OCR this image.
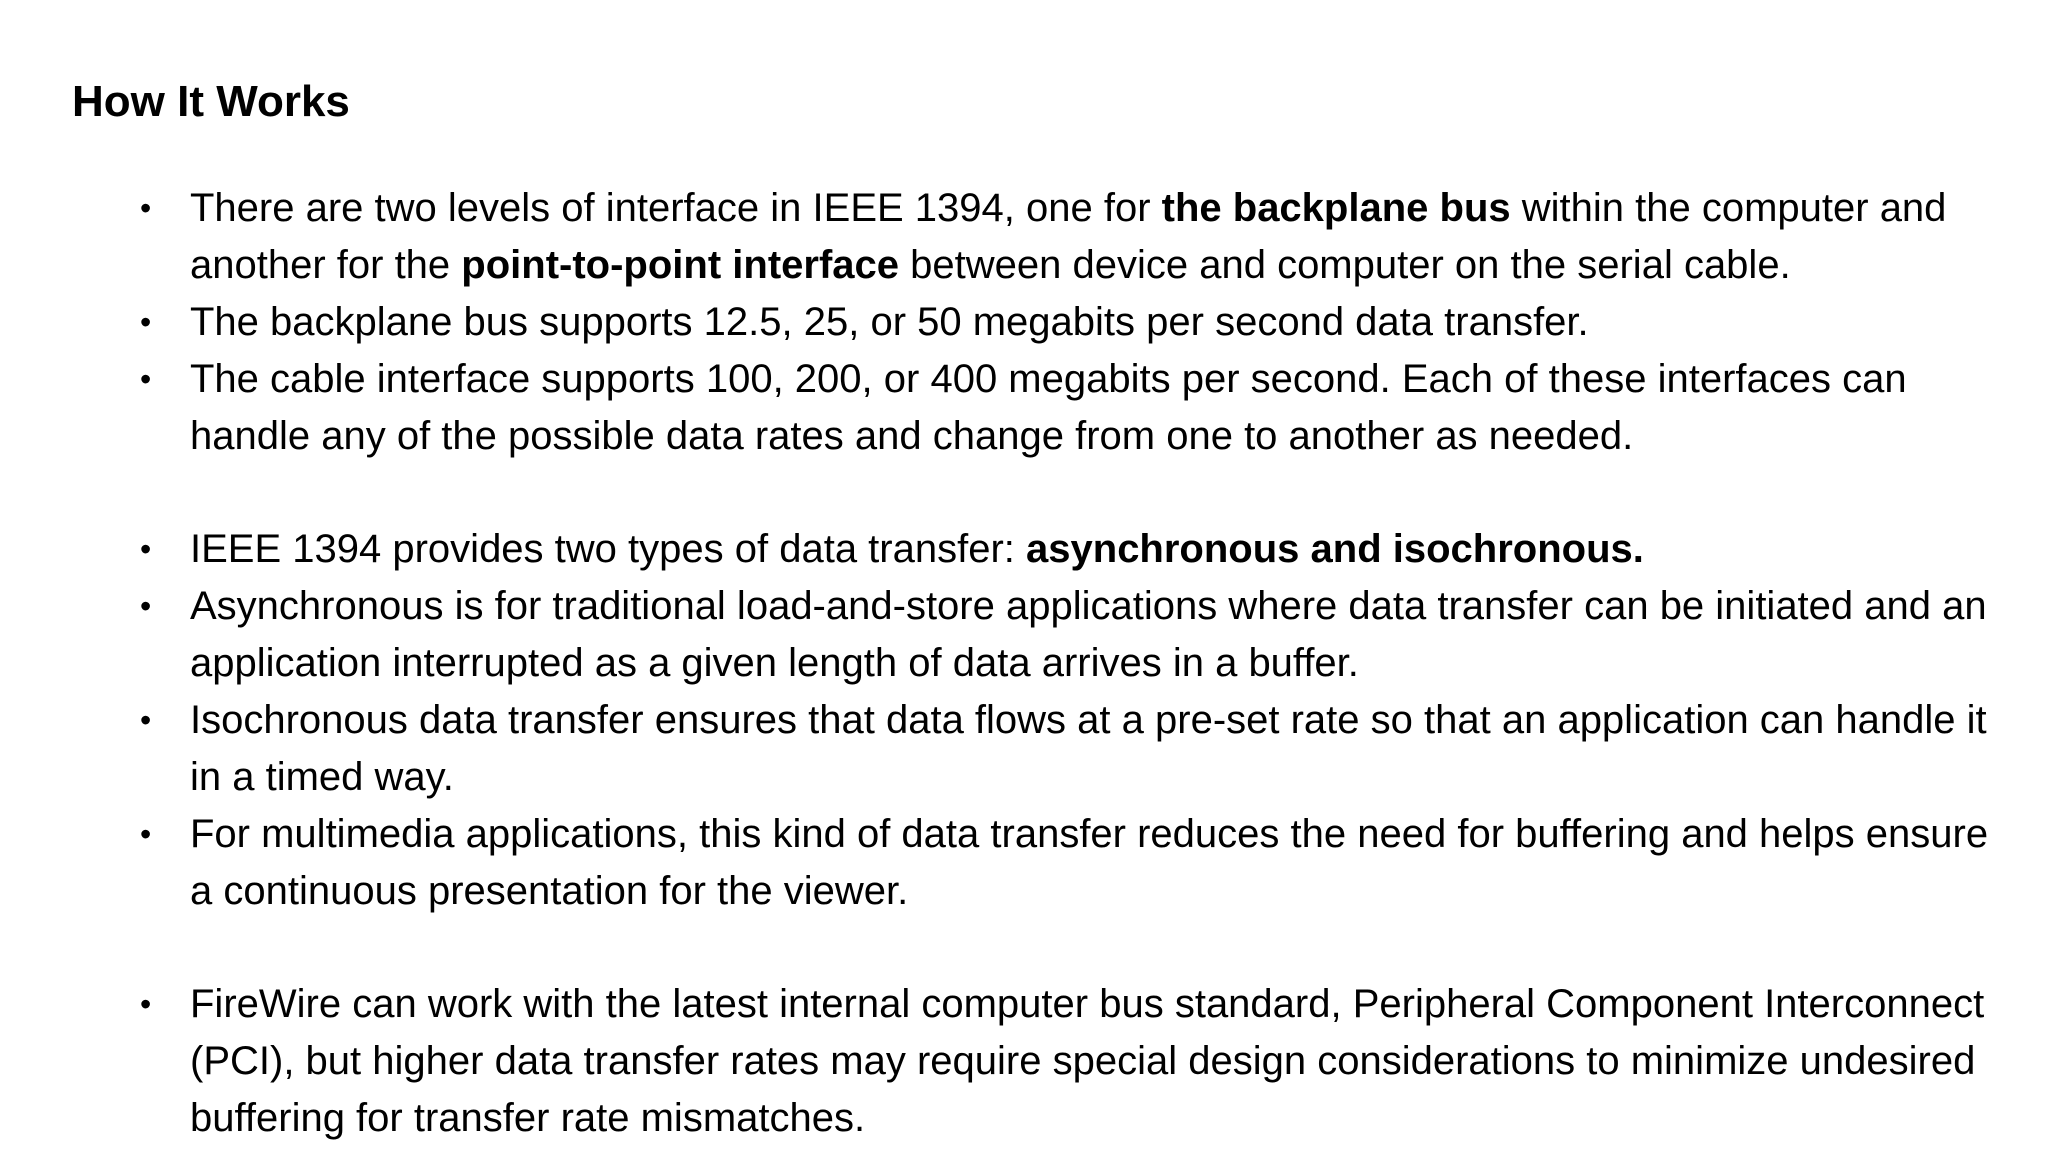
How It Works
• There are two levels of interface in IEEE 1394, one for the backplane bus within the computer and another for the point-to-point interface between device and computer on the serial cable.
• The backplane bus supports 12.5, 25, or 50 megabits per second data transfer.
• The cable interface supports 100, 200, or 400 megabits per second. Each of these interfaces can handle any of the possible data rates and change from one to another as needed.
• IEEE 1394 provides two types of data transfer: asynchronous and isochronous.
• Asynchronous is for traditional load-and-store applications where data transfer can be initiated and an application interrupted as a given length of data arrives in a buffer.
• Isochronous data transfer ensures that data flows at a pre-set rate so that an application can handle it in a timed way.
• For multimedia applications, this kind of data transfer reduces the need for buffering and helps ensure a continuous presentation for the viewer.
• FireWire can work with the latest internal computer bus standard, Peripheral Component Interconnect (PCI), but higher data transfer rates may require special design considerations to minimize undesired buffering for transfer rate mismatches.
